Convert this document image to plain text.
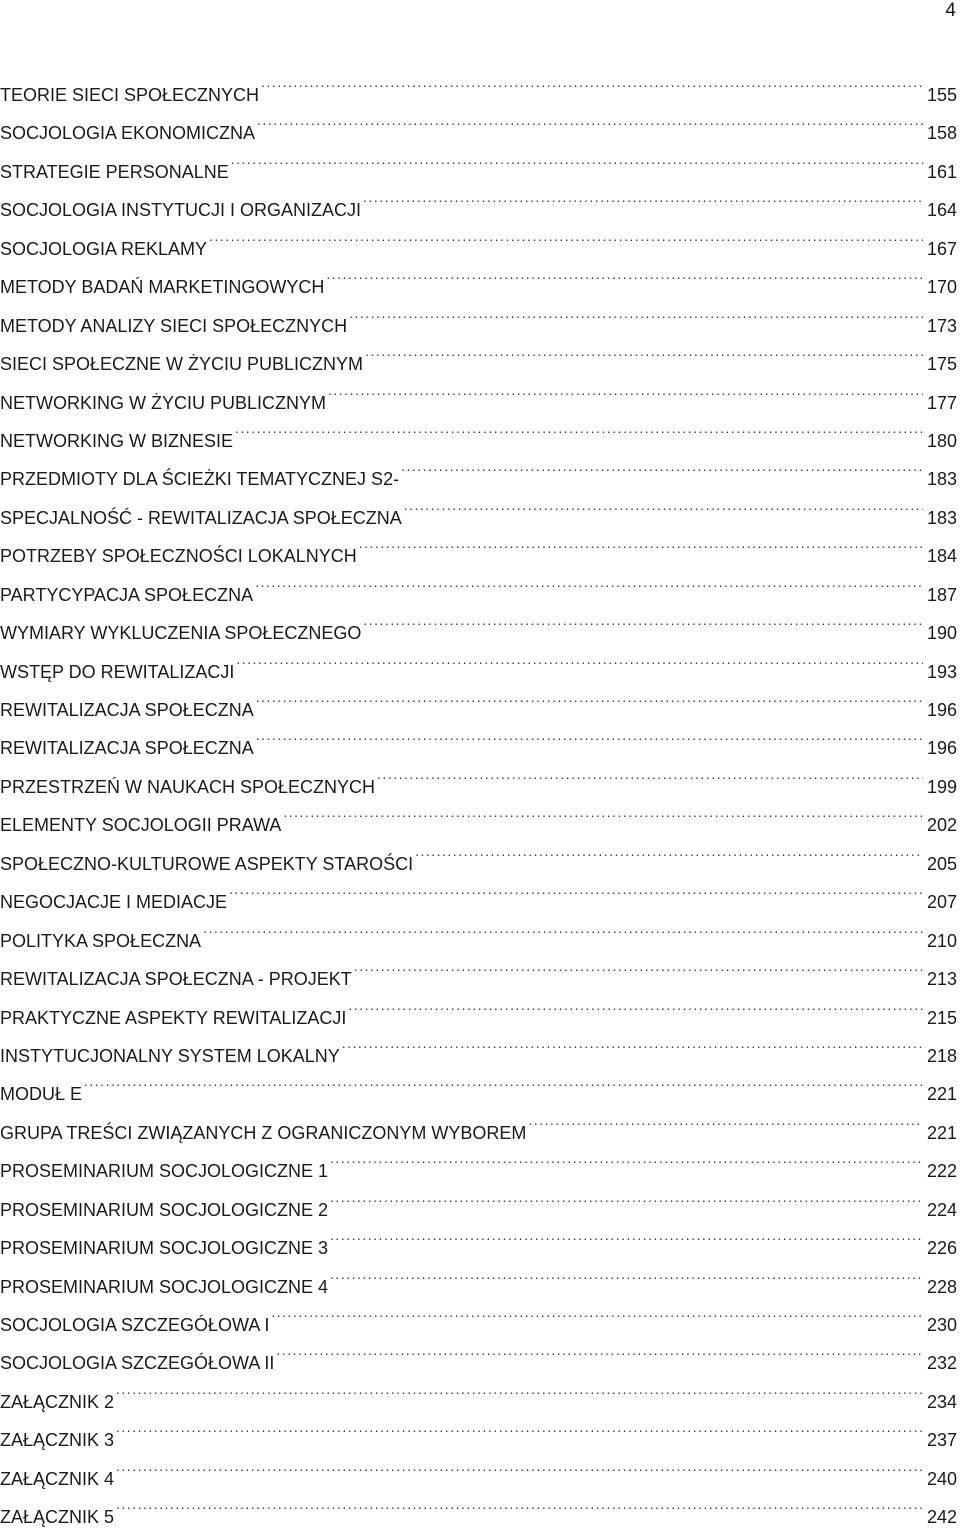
4
TEORIE SIECI SPOŁECZNYCH .....	155
SOCJOLOGIA EKONOMICZNA .....	158
STRATEGIE PERSONALNE .....	161
SOCJOLOGIA INSTYTUCJI I ORGANIZACJI .....	164
SOCJOLOGIA REKLAMY .....	167
METODY BADAŃ MARKETINGOWYCH .....	170
METODY ANALIZY SIECI SPOŁECZNYCH .....	173
SIECI SPOŁECZNE W ŻYCIU PUBLICZNYM .....	175
NETWORKING W ŻYCIU PUBLICZNYM .....	177
NETWORKING W BIZNESIE .....	180
PRZEDMIOTY DLA ŚCIEŻKI TEMATYCZNEJ S2- .....	183
SPECJALNOŚĆ - REWITALIZACJA SPOŁECZNA .....	183
POTRZEBY SPOŁECZNOŚCI LOKALNYCH .....	184
PARTYCYPACJA SPOŁECZNA .....	187
WYMIARY WYKLUCZENIA SPOŁECZNEGO .....	190
WSTĘP DO REWITALIZACJI .....	193
REWITALIZACJA SPOŁECZNA .....	196
REWITALIZACJA SPOŁECZNA .....	196
PRZESTRZEŃ W NAUKACH SPOŁECZNYCH .....	199
ELEMENTY SOCJOLOGII PRAWA .....	202
SPOŁECZNO-KULTUROWE ASPEKTY STAROŚCI .....	205
NEGOCJACJE I MEDIACJE .....	207
POLITYKA SPOŁECZNA .....	210
REWITALIZACJA SPOŁECZNA - PROJEKT .....	213
PRAKTYCZNE ASPEKTY REWITALIZACJI .....	215
INSTYTUCJONALNY SYSTEM LOKALNY .....	218
MODUŁ E .....	221
GRUPA TREŚCI ZWIĄZANYCH Z OGRANICZONYM WYBOREM .....	221
PROSEMINARIUM SOCJOLOGICZNE 1 .....	222
PROSEMINARIUM SOCJOLOGICZNE 2 .....	224
PROSEMINARIUM SOCJOLOGICZNE 3 .....	226
PROSEMINARIUM SOCJOLOGICZNE 4 .....	228
SOCJOLOGIA SZCZEGÓŁOWA I .....	230
SOCJOLOGIA SZCZEGÓŁOWA II .....	232
ZAŁĄCZNIK 2 .....	234
ZAŁĄCZNIK 3 .....	237
ZAŁĄCZNIK 4 .....	240
ZAŁĄCZNIK 5 .....	242
